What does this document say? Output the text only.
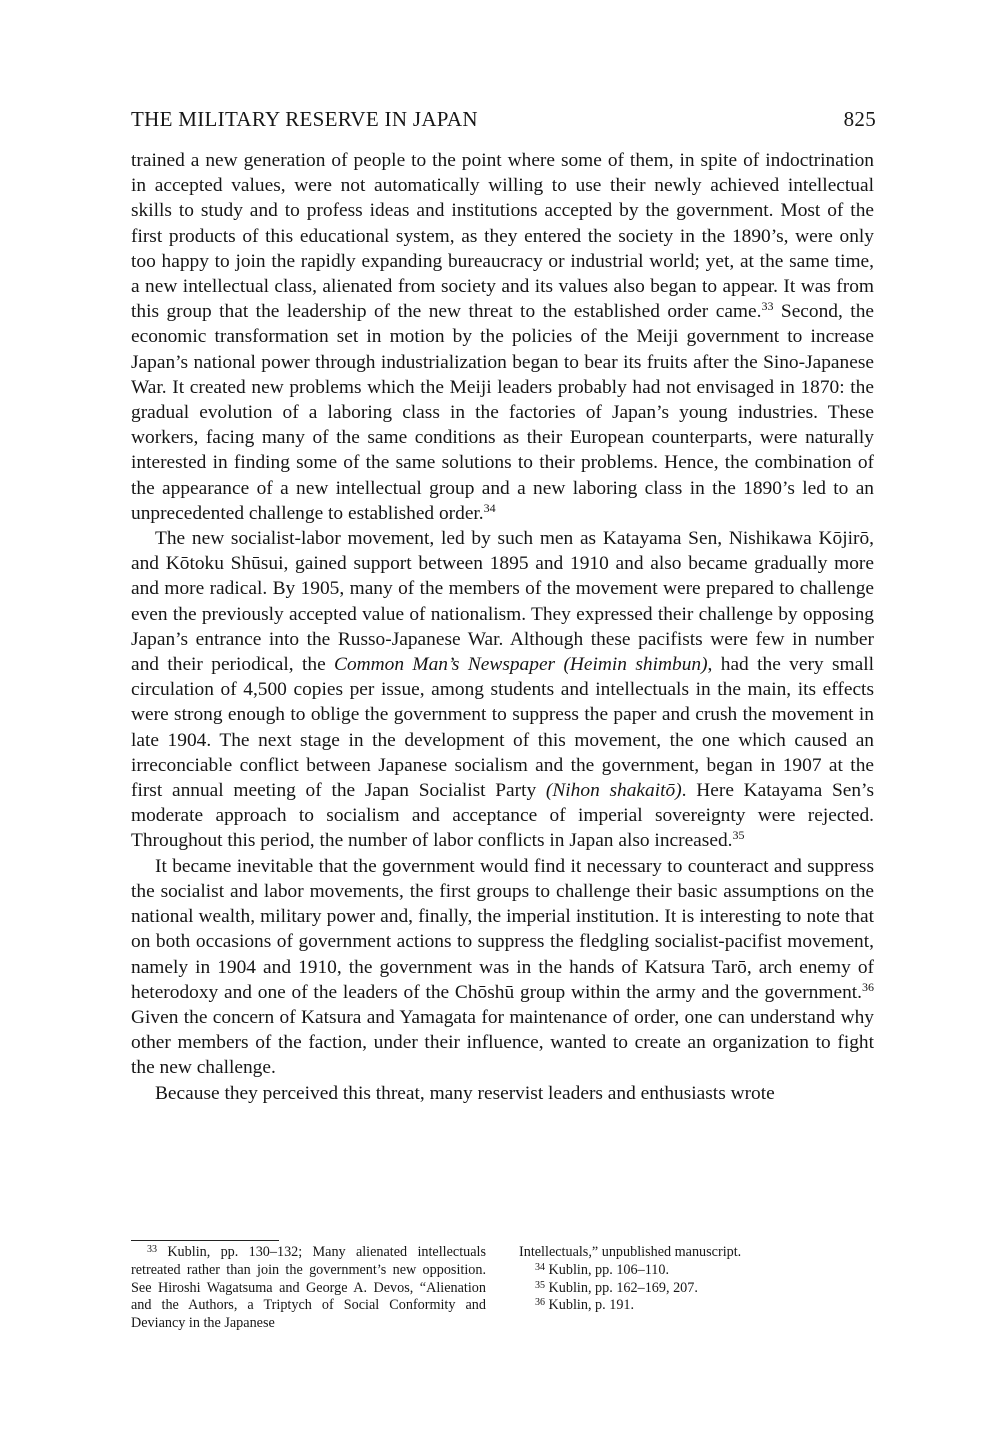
THE MILITARY RESERVE IN JAPAN	825

trained a new generation of people to the point where some of them, in spite of indoctrination in accepted values, were not automatically willing to use their newly achieved intellectual skills to study and to profess ideas and institutions accepted by the government. Most of the first products of this educational system, as they entered the society in the 1890’s, were only too happy to join the rapidly expanding bureaucracy or industrial world; yet, at the same time, a new intellectual class, alienated from society and its values also began to appear. It was from this group that the leadership of the new threat to the established order came.$^{33}$ Second, the economic transformation set in motion by the policies of the Meiji government to increase Japan’s national power through industrialization began to bear its fruits after the Sino-Japanese War. It created new problems which the Meiji leaders probably had not envisaged in 1870: the gradual evolution of a laboring class in the factories of Japan’s young industries. These workers, facing many of the same conditions as their European counterparts, were naturally interested in finding some of the same solutions to their problems. Hence, the combination of the appearance of a new intellectual group and a new laboring class in the 1890’s led to an unprecedented challenge to established order.$^{34}$

The new socialist-labor movement, led by such men as Katayama Sen, Nishikawa Kōjirō, and Kōtoku Shūsui, gained support between 1895 and 1910 and also became gradually more and more radical. By 1905, many of the members of the movement were prepared to challenge even the previously accepted value of nationalism. They expressed their challenge by opposing Japan’s entrance into the Russo-Japanese War. Although these pacifists were few in number and their periodical, the Common Man’s Newspaper (Heimin shimbun), had the very small circulation of 4,500 copies per issue, among students and intellectuals in the main, its effects were strong enough to oblige the government to suppress the paper and crush the movement in late 1904. The next stage in the development of this movement, the one which caused an irreconciable conflict between Japanese socialism and the government, began in 1907 at the first annual meeting of the Japan Socialist Party (Nihon shakaitō). Here Katayama Sen’s moderate approach to socialism and acceptance of imperial sovereignty were rejected. Throughout this period, the number of labor conflicts in Japan also increased.$^{35}$

It became inevitable that the government would find it necessary to counteract and suppress the socialist and labor movements, the first groups to challenge their basic assumptions on the national wealth, military power and, finally, the imperial institution. It is interesting to note that on both occasions of government actions to suppress the fledgling socialist-pacifist movement, namely in 1904 and 1910, the government was in the hands of Katsura Tarō, arch enemy of heterodoxy and one of the leaders of the Chōshū group within the army and the government.$^{36}$ Given the concern of Katsura and Yamagata for maintenance of order, one can understand why other members of the faction, under their influence, wanted to create an organization to fight the new challenge.

Because they perceived this threat, many reservist leaders and enthusiasts wrote

$^{33}$ Kublin, pp. 130–132; Many alienated intellectuals retreated rather than join the government’s new opposition. See Hiroshi Wagatsuma and George A. Devos, “Alienation and the Authors, a Triptych of Social Conformity and Deviancy in the Japanese

Intellectuals,” unpublished manuscript.

$^{34}$ Kublin, pp. 106–110.

$^{35}$ Kublin, pp. 162–169, 207.

$^{36}$ Kublin, p. 191.
